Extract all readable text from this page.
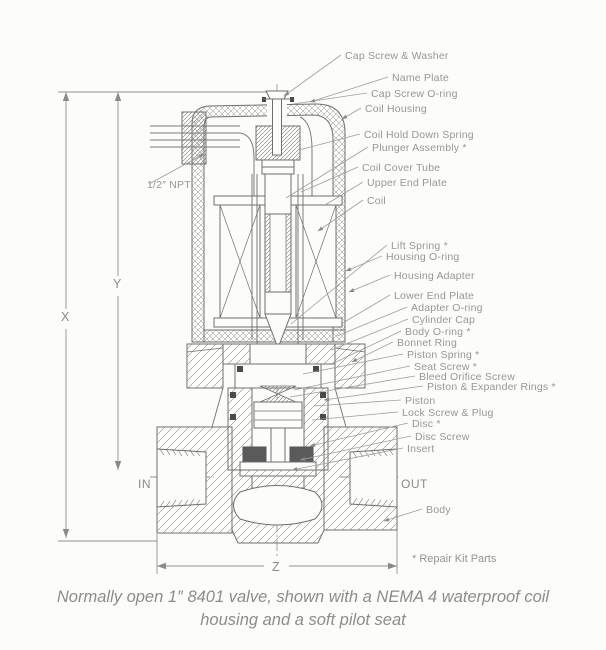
Cap Screw & Washer
Name Plate
Cap Screw O-ring
Coil Housing
Coil Hold Down Spring
Plunger Assembly *
Coil Cover Tube
Upper End Plate
Coil
Lift Spring *
Housing O-ring
Housing Adapter
Lower End Plate
Adapter O-ring
Cylinder Cap
Body O-ring *
Bonnet Ring
Piston Spring *
Seat Screw *
Bleed Orifice Screw
Piston & Expander Rings *
Piston
Lock Screw & Plug
Disc *
Disc Screw
Insert
Body
1/2″ NPT
X
Y
Z
IN	OUT
* Repair Kit Parts
Normally open 1″ 8401 valve, shown with a NEMA 4 waterproof coil
housing and a soft pilot seat
